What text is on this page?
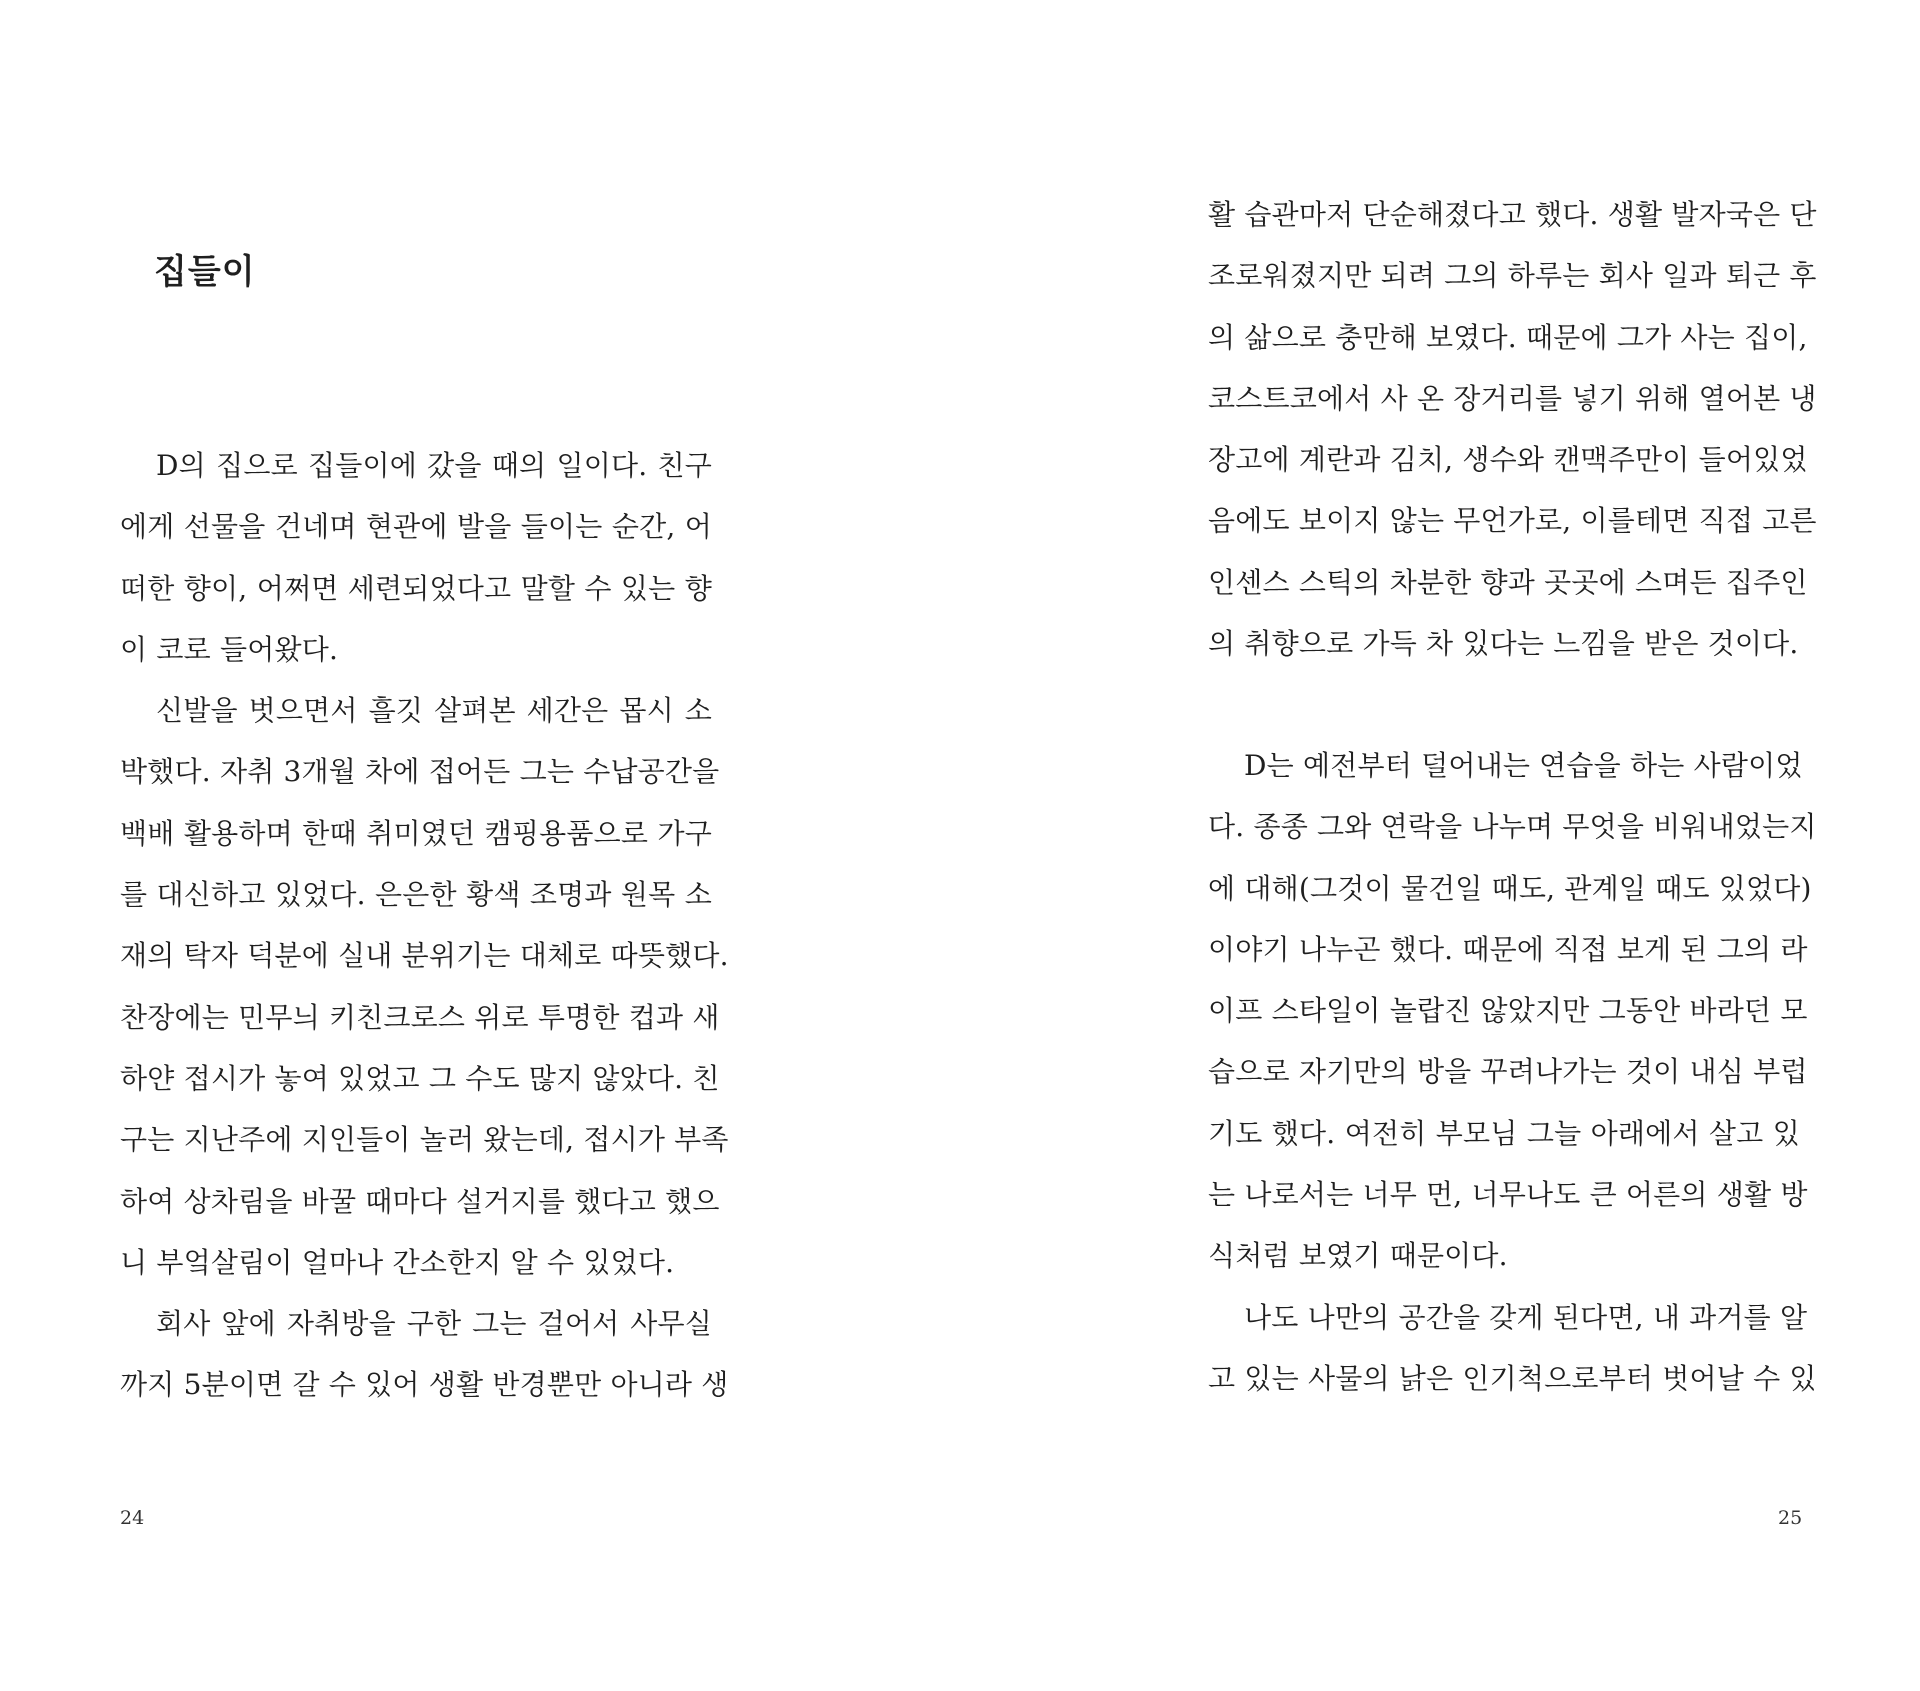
집들이
D의 집으로 집들이에 갔을 때의 일이다. 친구
에게 선물을 건네며 현관에 발을 들이는 순간, 어
떠한 향이, 어쩌면 세련되었다고 말할 수 있는 향
이 코로 들어왔다.
신발을 벗으면서 흘깃 살펴본 세간은 몹시 소
박했다. 자취 3개월 차에 접어든 그는 수납공간을
백배 활용하며 한때 취미였던 캠핑용품으로 가구
를 대신하고 있었다. 은은한 황색 조명과 원목 소
재의 탁자 덕분에 실내 분위기는 대체로 따뜻했다.
찬장에는 민무늬 키친크로스 위로 투명한 컵과 새
하얀 접시가 놓여 있었고 그 수도 많지 않았다. 친
구는 지난주에 지인들이 놀러 왔는데, 접시가 부족
하여 상차림을 바꿀 때마다 설거지를 했다고 했으
니 부엌살림이 얼마나 간소한지 알 수 있었다.
회사 앞에 자취방을 구한 그는 걸어서 사무실
까지 5분이면 갈 수 있어 생활 반경뿐만 아니라 생
24
활 습관마저 단순해졌다고 했다. 생활 발자국은 단
조로워졌지만 되려 그의 하루는 회사 일과 퇴근 후
의 삶으로 충만해 보였다. 때문에 그가 사는 집이,
코스트코에서 사 온 장거리를 넣기 위해 열어본 냉
장고에 계란과 김치, 생수와 캔맥주만이 들어있었
음에도 보이지 않는 무언가로, 이를테면 직접 고른
인센스 스틱의 차분한 향과 곳곳에 스며든 집주인
의 취향으로 가득 차 있다는 느낌을 받은 것이다.
D는 예전부터 덜어내는 연습을 하는 사람이었
다. 종종 그와 연락을 나누며 무엇을 비워내었는지
에 대해(그것이 물건일 때도, 관계일 때도 있었다)
이야기 나누곤 했다. 때문에 직접 보게 된 그의 라
이프 스타일이 놀랍진 않았지만 그동안 바라던 모
습으로 자기만의 방을 꾸려나가는 것이 내심 부럽
기도 했다. 여전히 부모님 그늘 아래에서 살고 있
는 나로서는 너무 먼, 너무나도 큰 어른의 생활 방
식처럼 보였기 때문이다.
나도 나만의 공간을 갖게 된다면, 내 과거를 알
고 있는 사물의 낡은 인기척으로부터 벗어날 수 있
25
